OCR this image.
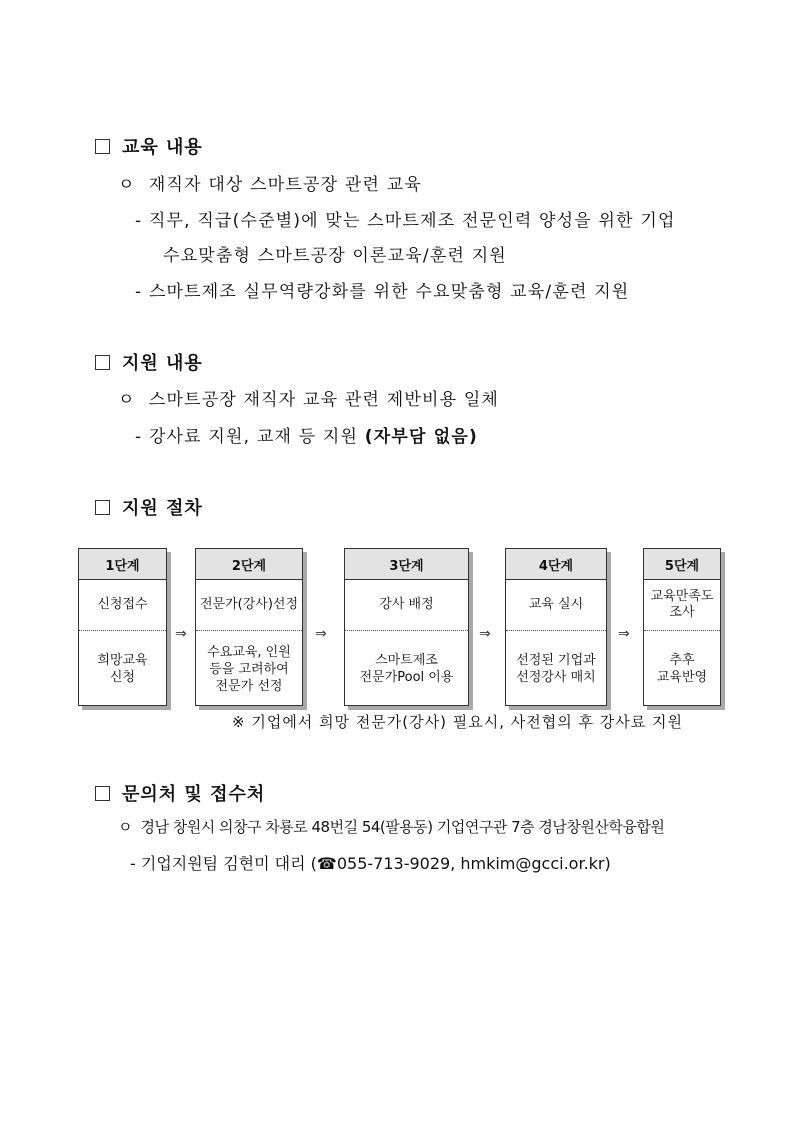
교육 내용
ㅇ 재직자 대상 스마트공장 관련 교육
- 직무, 직급(수준별)에 맞는 스마트제조 전문인력 양성을 위한 기업
수요맞춤형 스마트공장 이론교육/훈련 지원
- 스마트제조 실무역량강화를 위한 수요맞춤형 교육/훈련 지원
지원 내용
ㅇ 스마트공장 재직자 교육 관련 제반비용 일체
- 강사료 지원, 교재 등 지원 (자부담 없음)
지원 절차
1단계
신청접수
희망교육
신청
⇒
2단계
전문가(강사)선정
수요교육, 인원
등을 고려하여
전문가 선정
⇒
3단계
강사 배정
스마트제조
전문가Pool 이용
⇒
4단계
교육 실시
선정된 기업과
선정강사 매치
⇒
5단계
교육만족도
조사
추후
교육반영
※ 기업에서 희망 전문가(강사) 필요시, 사전협의 후 강사료 지원
문의처 및 접수처
ㅇ 경남 창원시 의창구 차룡로 48번길 54(팔용동) 기업연구관 7층 경남창원산학융합원
- 기업지원팀 김현미 대리 (☎055-713-9029, hmkim@gcci.or.kr)
